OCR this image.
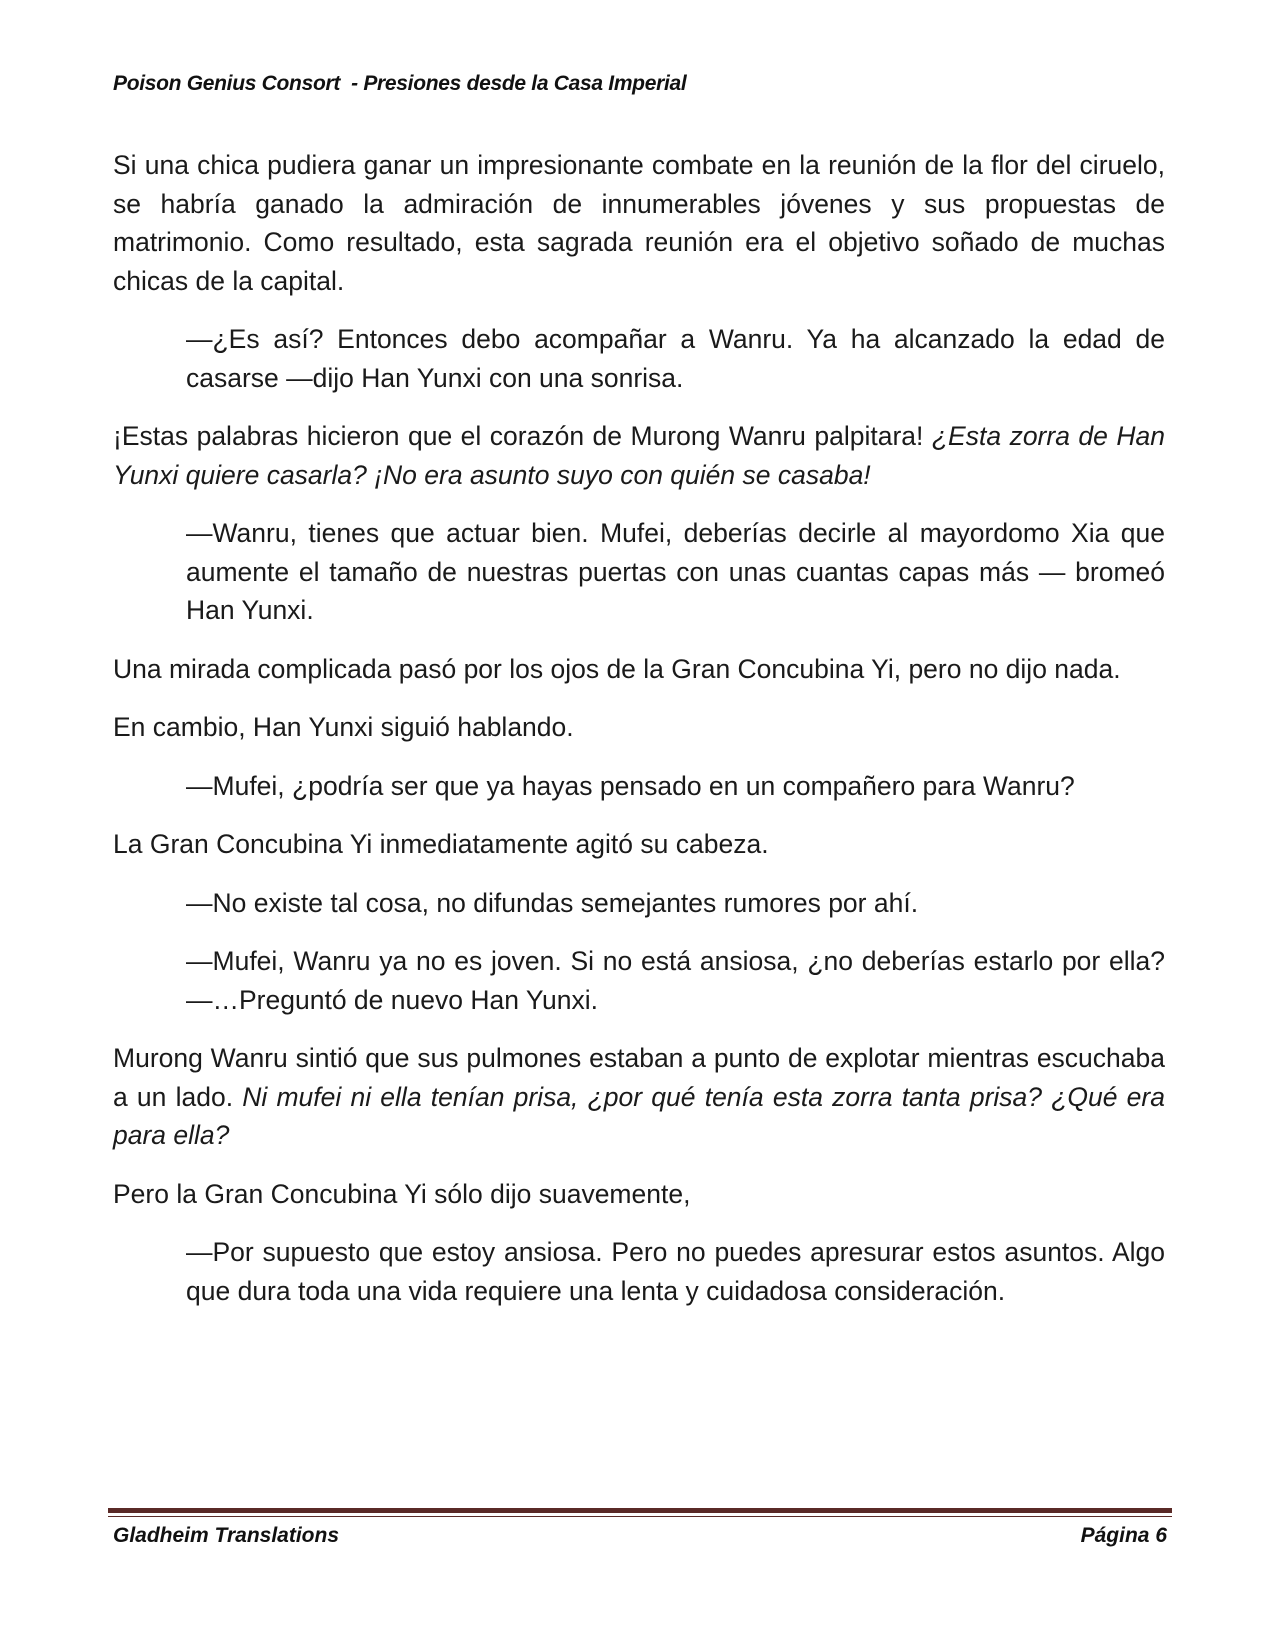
Poison Genius Consort  - Presiones desde la Casa Imperial

Si una chica pudiera ganar un impresionante combate en la reunión de la flor del ciruelo, se habría ganado la admiración de innumerables jóvenes y sus propuestas de matrimonio. Como resultado, esta sagrada reunión era el objetivo soñado de muchas chicas de la capital.

—¿Es así? Entonces debo acompañar a Wanru. Ya ha alcanzado la edad de casarse —dijo Han Yunxi con una sonrisa.

¡Estas palabras hicieron que el corazón de Murong Wanru palpitara! ¿Esta zorra de Han Yunxi quiere casarla? ¡No era asunto suyo con quién se casaba!

—Wanru, tienes que actuar bien. Mufei, deberías decirle al mayordomo Xia que aumente el tamaño de nuestras puertas con unas cuantas capas más — bromeó Han Yunxi.

Una mirada complicada pasó por los ojos de la Gran Concubina Yi, pero no dijo nada.

En cambio, Han Yunxi siguió hablando.

—Mufei, ¿podría ser que ya hayas pensado en un compañero para Wanru?

La Gran Concubina Yi inmediatamente agitó su cabeza.

—No existe tal cosa, no difundas semejantes rumores por ahí.

—Mufei, Wanru ya no es joven. Si no está ansiosa, ¿no deberías estarlo por ella? —…Preguntó de nuevo Han Yunxi.

Murong Wanru sintió que sus pulmones estaban a punto de explotar mientras escuchaba a un lado. Ni mufei ni ella tenían prisa, ¿por qué tenía esta zorra tanta prisa? ¿Qué era para ella?

Pero la Gran Concubina Yi sólo dijo suavemente,

—Por supuesto que estoy ansiosa. Pero no puedes apresurar estos asuntos. Algo que dura toda una vida requiere una lenta y cuidadosa consideración.

Gladheim Translations	Página 6
